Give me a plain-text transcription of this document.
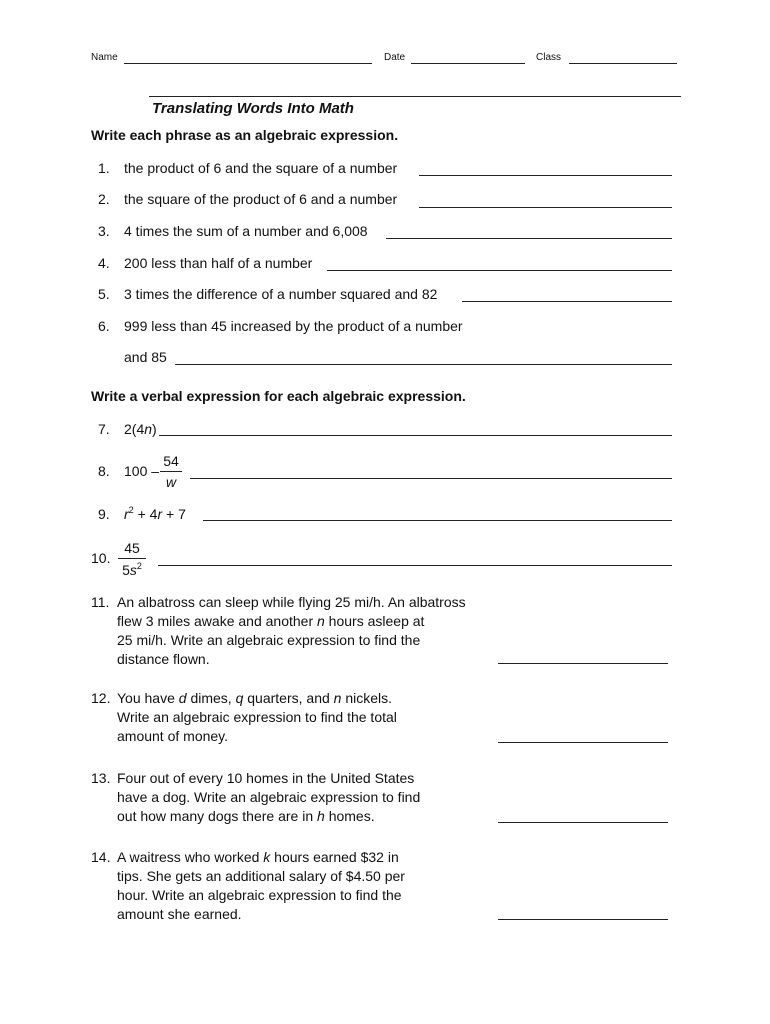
Name	Date	Class
Translating Words Into Math
Write each phrase as an algebraic expression.
1. the product of 6 and the square of a number
2. the square of the product of 6 and a number
3. 4 times the sum of a number and 6,008
4. 200 less than half of a number
5. 3 times the difference of a number squared and 82
6. 999 less than 45 increased by the product of a number
and 85
Write a verbal expression for each algebraic expression.
7. 2(4n)
8. 100 –
54
w
9. $r^2 + 4r + 7$
10.
45
$5s^2$
11. An albatross can sleep while flying 25 mi/h. An albatross
flew 3 miles awake and another n hours asleep at
25 mi/h. Write an algebraic expression to find the
distance flown.
12. You have d dimes, q quarters, and n nickels.
Write an algebraic expression to find the total
amount of money.
13. Four out of every 10 homes in the United States
have a dog. Write an algebraic expression to find
out how many dogs there are in h homes.
14. A waitress who worked k hours earned $32 in
tips. She gets an additional salary of $4.50 per
hour. Write an algebraic expression to find the
amount she earned.
